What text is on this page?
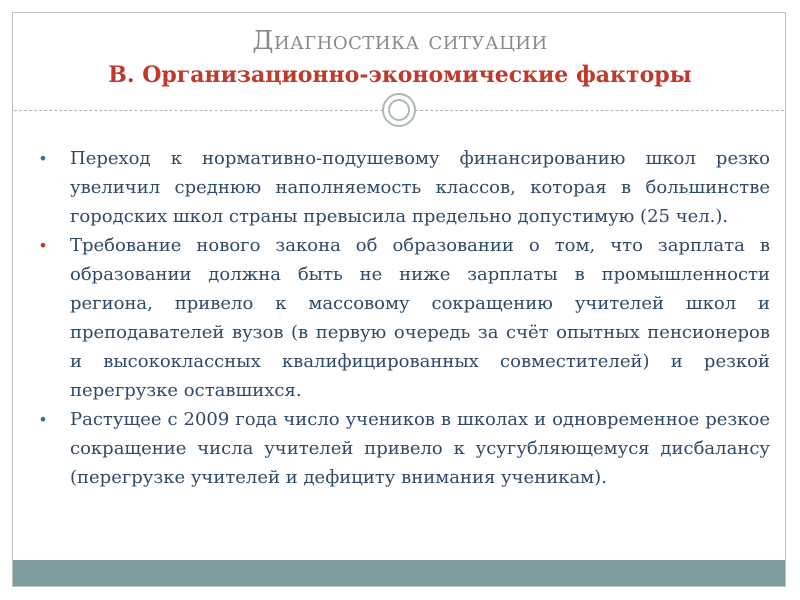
Диагностика ситуации
B. Организационно-экономические факторы

• Переход к нормативно-подушевому финансированию школ резко увеличил среднюю наполняемость классов, которая в большинстве городских школ страны превысила предельно допустимую (25 чел.).

• Требование нового закона об образовании о том, что зарплата в образовании должна быть не ниже зарплаты в промышленности региона, привело к массовому сокращению учителей школ и преподавателей вузов (в первую очередь за счёт опытных пенсионеров и высококлассных квалифицированных совместителей) и резкой перегрузке оставшихся.

• Растущее с 2009 года число учеников в школах и одновременное резкое сокращение числа учителей привело к усугубляющемуся дисбалансу (перегрузке учителей и дефициту внимания ученикам).
